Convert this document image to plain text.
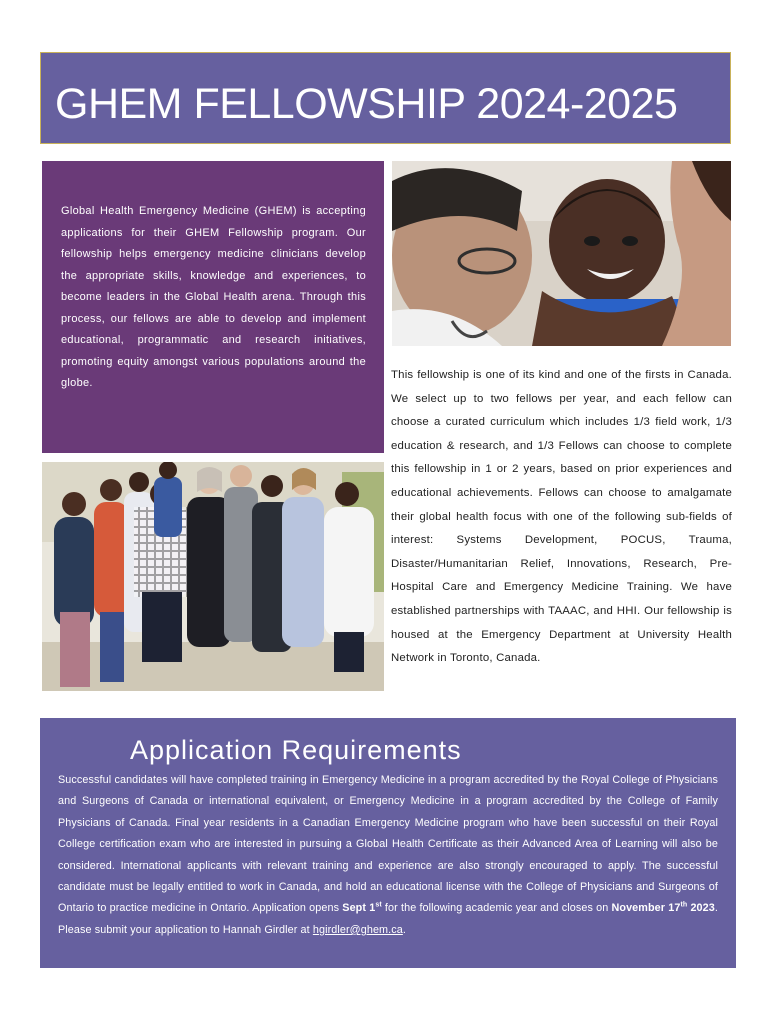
GHEM FELLOWSHIP 2024-2025
Global Health Emergency Medicine (GHEM) is accepting applications for their GHEM Fellowship program. Our fellowship helps emergency medicine clinicians develop the appropriate skills, knowledge and experiences, to become leaders in the Global Health arena. Through this process, our fellows are able to develop and implement educational, programmatic and research initiatives, promoting equity amongst various populations around the globe.
This fellowship is one of its kind and one of the firsts in Canada. We select up to two fellows per year, and each fellow can choose a curated curriculum which includes 1/3 field work, 1/3 education & research, and 1/3 Fellows can choose to complete this fellowship in 1 or 2 years, based on prior experiences and educational achievements. Fellows can choose to amalgamate their global health focus with one of the following sub-fields of interest: Systems Development, POCUS, Trauma, Disaster/Humanitarian Relief, Innovations, Research, Pre-Hospital Care and Emergency Medicine Training. We have established partnerships with TAAAC, and HHI. Our fellowship is housed at the Emergency Department at University Health Network in Toronto, Canada.
Application Requirements
Successful candidates will have completed training in Emergency Medicine in a program accredited by the Royal College of Physicians and Surgeons of Canada or international equivalent, or Emergency Medicine in a program accredited by the College of Family Physicians of Canada. Final year residents in a Canadian Emergency Medicine program who have been successful on their Royal College certification exam who are interested in pursuing a Global Health Certificate as their Advanced Area of Learning will also be considered. International applicants with relevant training and experience are also strongly encouraged to apply. The successful candidate must be legally entitled to work in Canada, and hold an educational license with the College of Physicians and Surgeons of Ontario to practice medicine in Ontario. Application opens Sept 1st for the following academic year and closes on November 17th 2023. Please submit your application to Hannah Girdler at hgirdler@ghem.ca.
